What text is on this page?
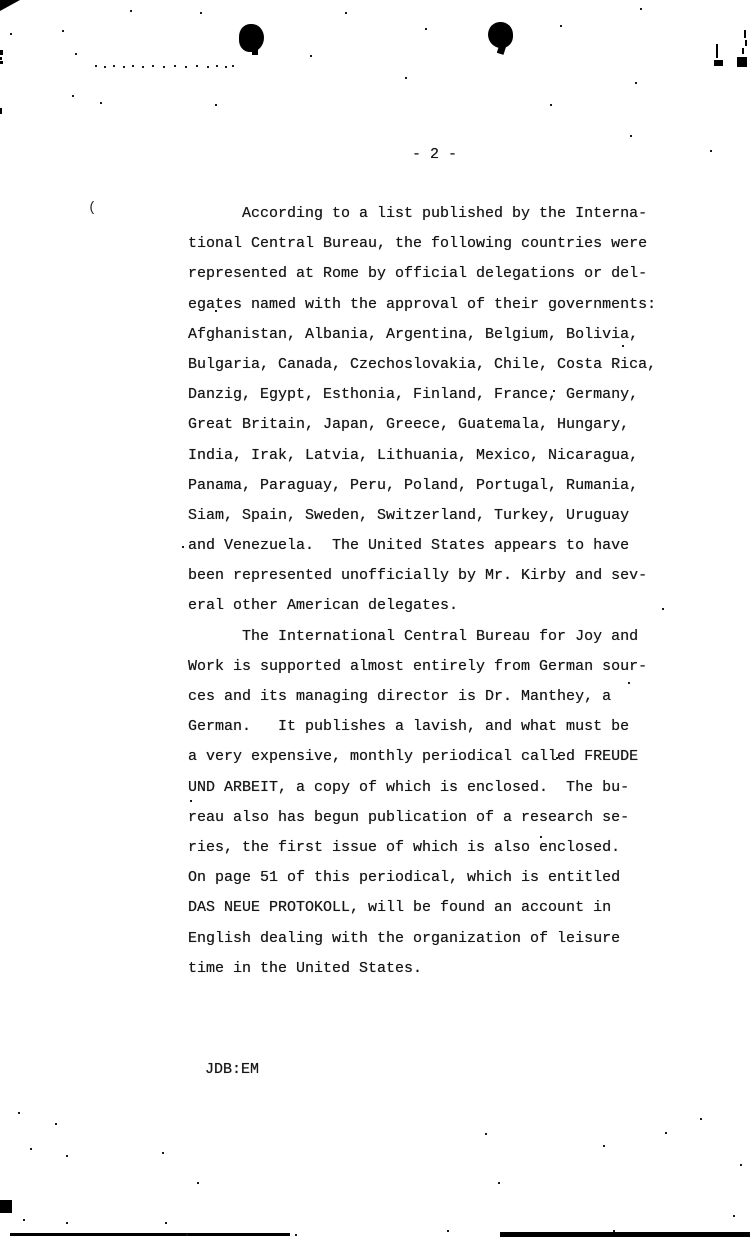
(
- 2 -
According to a list published by the Interna-
tional Central Bureau, the following countries were
represented at Rome by official delegations or del-
egates named with the approval of their governments:
Afghanistan, Albania, Argentina, Belgium, Bolivia,
Bulgaria, Canada, Czechoslovakia, Chile, Costa Rica,
Danzig, Egypt, Esthonia, Finland, France, Germany,
Great Britain, Japan, Greece, Guatemala, Hungary,
India, Irak, Latvia, Lithuania, Mexico, Nicaragua,
Panama, Paraguay, Peru, Poland, Portugal, Rumania,
Siam, Spain, Sweden, Switzerland, Turkey, Uruguay
and Venezuela.  The United States appears to have
been represented unofficially by Mr. Kirby and sev-
eral other American delegates.
The International Central Bureau for Joy and
Work is supported almost entirely from German sour-
ces and its managing director is Dr. Manthey, a
German.   It publishes a lavish, and what must be
a very expensive, monthly periodical called FREUDE
UND ARBEIT, a copy of which is enclosed.  The bu-
reau also has begun publication of a research se-
ries, the first issue of which is also enclosed.
On page 51 of this periodical, which is entitled
DAS NEUE PROTOKOLL, will be found an account in
English dealing with the organization of leisure
time in the United States.
JDB:EM
